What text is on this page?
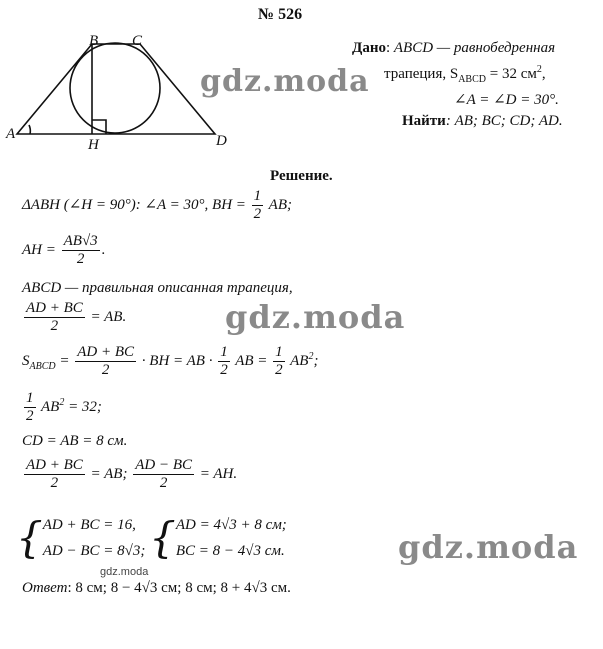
№ 526
A
B C
D
H
Дано: ABCD — равнобедренная
трапеция, $S_{ABCD} = 32$ $см^2$,
∠A = ∠D = 30°.
Найти: AB; BC; CD; AD.
gdz.moda
Решение.
ΔABH (∠H = 90°): ∠A = 30°, BH = $\frac{1}{2}$ AB;
AH = $\frac{AB√3}{2}$ .
ABCD — правильная описанная трапеция,
$\frac{AD + BC}{2}$ = AB.	gdz.moda
$S_{ABCD} = \frac{AD + BC}{2}$ · BH = AB · $\frac{1}{2}$ AB = $\frac{1}{2} AB^2$;
$\frac{1}{2} AB^2 = 32$;
CD = AB = 8 см.
$\frac{AD + BC}{2}$ = AB; $\frac{AD - BC}{2}$ = AH.
{ AD + BC = 16,
AD − BC = 8√3; { AD = 4√3 + 8 см;
BC = 8 − 4√3 см.	gdz.moda
gdz.moda
Ответ: 8 см; 8 − 4√3 см; 8 см; 8 + 4√3 см.
